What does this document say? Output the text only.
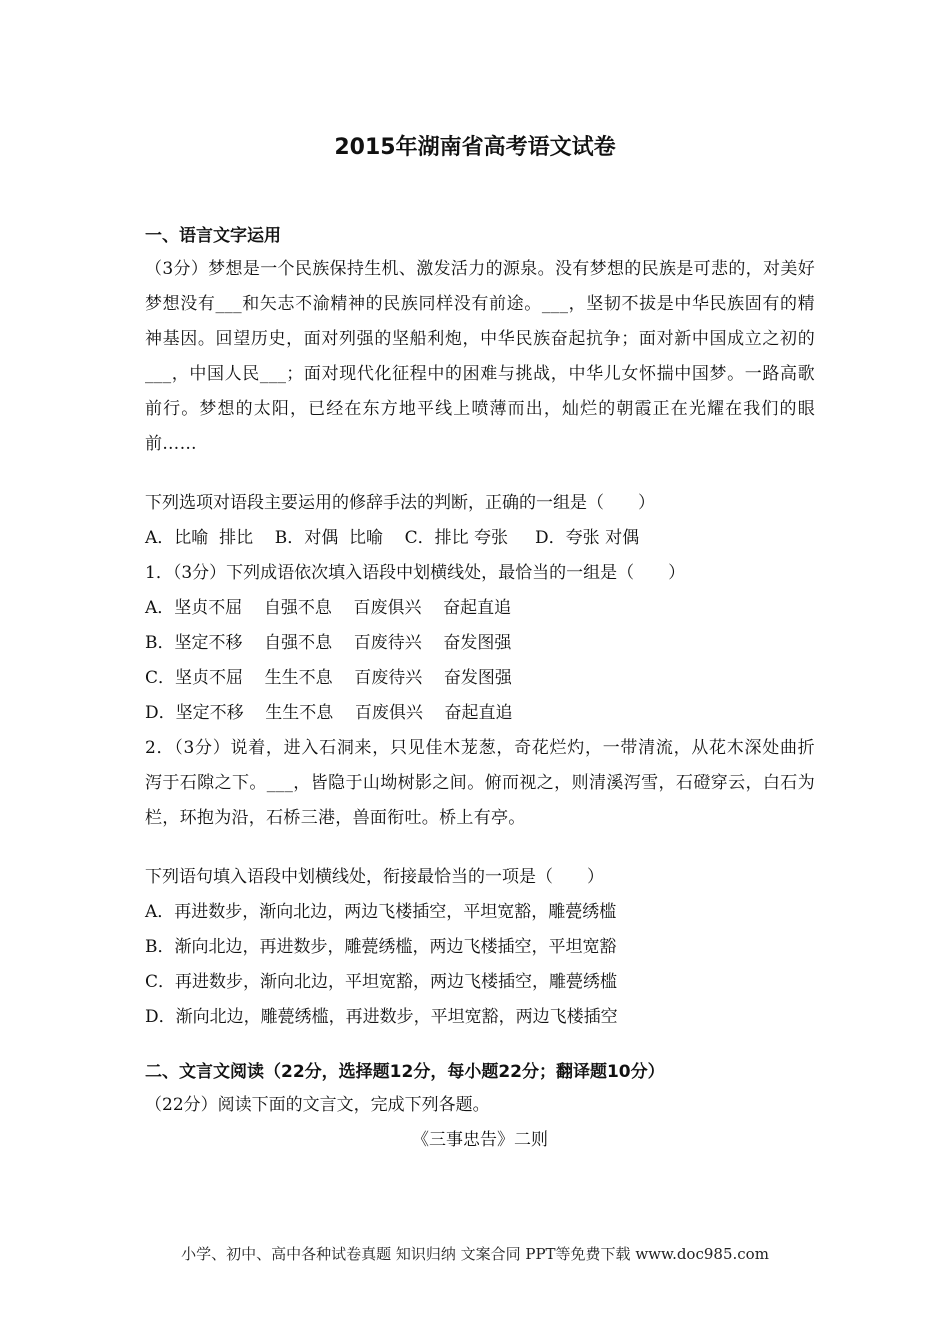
2015年湖南省高考语文试卷
一、语言文字运用

（3分）梦想是一个民族保持生机、激发活力的源泉。没有梦想的民族是可悲的，对美好梦想没有___和矢志不渝精神的民族同样没有前途。___，坚韧不拔是中华民族固有的精神基因。回望历史，面对列强的坚船利炮，中华民族奋起抗争；面对新中国成立之初的___，中国人民___；面对现代化征程中的困难与挑战，中华儿女怀揣中国梦。一路高歌前行。梦想的太阳，已经在东方地平线上喷薄而出，灿烂的朝霞正在光耀在我们的眼前……

下列选项对语段主要运用的修辞手法的判断，正确的一组是（　　）

A．比喻  排比    B．对偶  比喻    C．排比 夸张     D．夸张 对偶

1．（3分）下列成语依次填入语段中划横线处，最恰当的一组是（　　）

A．坚贞不屈    自强不息    百废俱兴    奋起直追

B．坚定不移    自强不息    百废待兴    奋发图强

C．坚贞不屈    生生不息    百废待兴    奋发图强

D．坚定不移    生生不息    百废俱兴    奋起直追

2．（3分）说着，进入石洞来，只见佳木茏葱，奇花烂灼，一带清流，从花木深处曲折泻于石隙之下。___，皆隐于山坳树影之间。俯而视之，则清溪泻雪，石磴穿云，白石为栏，环抱为沿，石桥三港，兽面衔吐。桥上有亭。

下列语句填入语段中划横线处，衔接最恰当的一项是（　　）

A．再进数步，渐向北边，两边飞楼插空，平坦宽豁，雕甍绣槛

B．渐向北边，再进数步，雕甍绣槛，两边飞楼插空，平坦宽豁

C．再进数步，渐向北边，平坦宽豁，两边飞楼插空，雕甍绣槛

D．渐向北边，雕甍绣槛，再进数步，平坦宽豁，两边飞楼插空

二、文言文阅读（22分，选择题12分，每小题22分；翻译题10分）

（22分）阅读下面的文言文，完成下列各题。

《三事忠告》二则

小学、初中、高中各种试卷真题 知识归纳 文案合同 PPT等免费下载 www.doc985.com
